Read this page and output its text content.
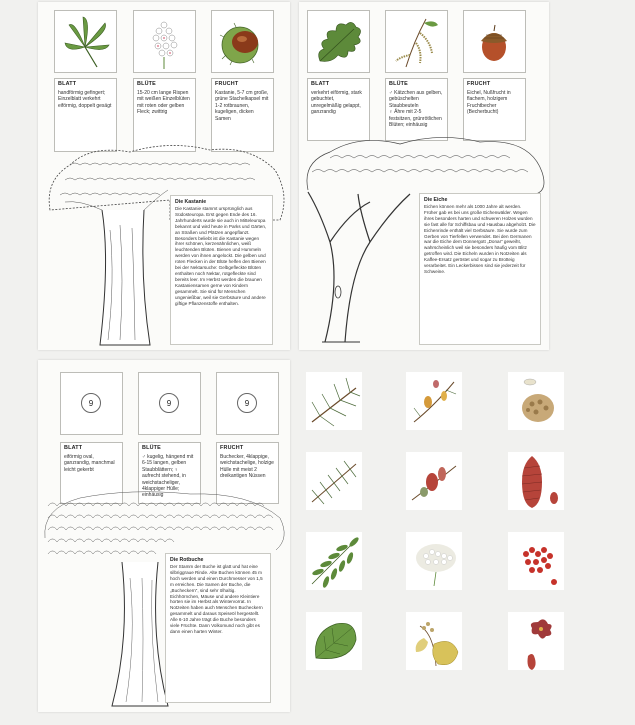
BLATT
handförmig gefingert; Einzelblatt verkehrt eiförmig, doppelt gesägt
BLÜTE
15-20 cm lange Rispen mit weißen Einzelblüten mit roten oder gelben Fleck; zwittrig
FRUCHT
Kastanie, 5-7 cm große, grüne Stachelkapsel mit 1-2 rotbraunen, kugeligen, dicken Samen
Die Kastanie
Die Kastanie stammt ursprünglich aus Südosteuropa. Erst gegen Ende des 16. Jahrhunderts wurde sie auch in Mitteleuropa bekannt und wird heute in Parks und Gärten, an Straßen und Plätzen angepflanzt. Besonders beliebt ist die Kastanie wegen ihrer schönen, kerzenähnlichen, weiß leuchtenden Blüten. Bienen und Hummeln werden von ihnen angelockt. Die gelben und roten Flecken in der Blüte helfen den Bienen bei der Nektarsuche: Gelbgefleckte Blüten enthalten noch Nektar, rotgefleckte sind bereits leer. Im Herbst werden die braunen Kastaniensamen gerne von Kindern gesammelt. Sie sind für Menschen ungenießbar, weil sie Gerbsäure und andere giftige Pflanzenstoffe enthalten.
BLATT
verkehrt eiförmig, stark gebuchtet, unregelmäßig gelappt, ganzrandig
BLÜTE
♂ Kätzchen aus gelben, gebüschelten Staubbeuteln
♀ Ähre mit 2-5 festsitzen, grünrötlichen Blüten; einhäusig
FRUCHT
Eichel, Nußfrucht in flachem, holzigem Fruchtbecher (Becherbucht)
Die Eiche
Eichen können mehr als 1000 Jahre alt werden. Früher gab es bei uns große Eichenwälder. Wegen ihres besonders harten und schweren Holzes wurden sie fast alle für Schiffsbau und Hausbau abgeholzt. Die Eichenrinde enthält viel Gerbsäure. Sie wurde zum Gerben von Tierfellen verwendet. Bei den Germanen war die Eiche dem Donnergott „Donar“ geweiht, wahrscheinlich weil sie besonders häufig vom Blitz getroffen wird. Die Eicheln wurden in Notzeiten als Kaffee-Ersatz geröstet und sogar zu Brotteig verarbeitet. Ein Leckerbissen sind sie jederzeit für Schweine.
9	9	9
BLATT
eiförmig oval, ganzrandig, manchmal leicht gekerbt
BLÜTE
♂ kugelig, hängend mit 6-15 langen, gelben Staubblättern; ♀ aufrecht stehend, in weichstacheliger, 4klappiger Hülle; einhäusig
FRUCHT
Buchecker, 4klappige, weichstachelige, holzige Hülle mit meist 2 dreikantigen Nüssen
Die Rotbuche
Der Stamm der Buche ist glatt und hat eine silbriggraue Rinde. Alte Buchen können 45 m hoch werden und einen Durchmesser von 1,5 m erreichen. Die Samen der Buche, die „Bucheckern“, sind sehr ölhaltig. Eichhörnchen, Mäuse und andere Kleintiere horten sie im Herbst als Wintervorrat. In Notzeiten haben auch Menschen Bucheckern gesammelt und daraus Speiseöl hergestellt. Alle 6-10 Jahre trägt die Buche besonders viele Früchte. Dann Volkomund noch gibt es dann einen harten Winter.
